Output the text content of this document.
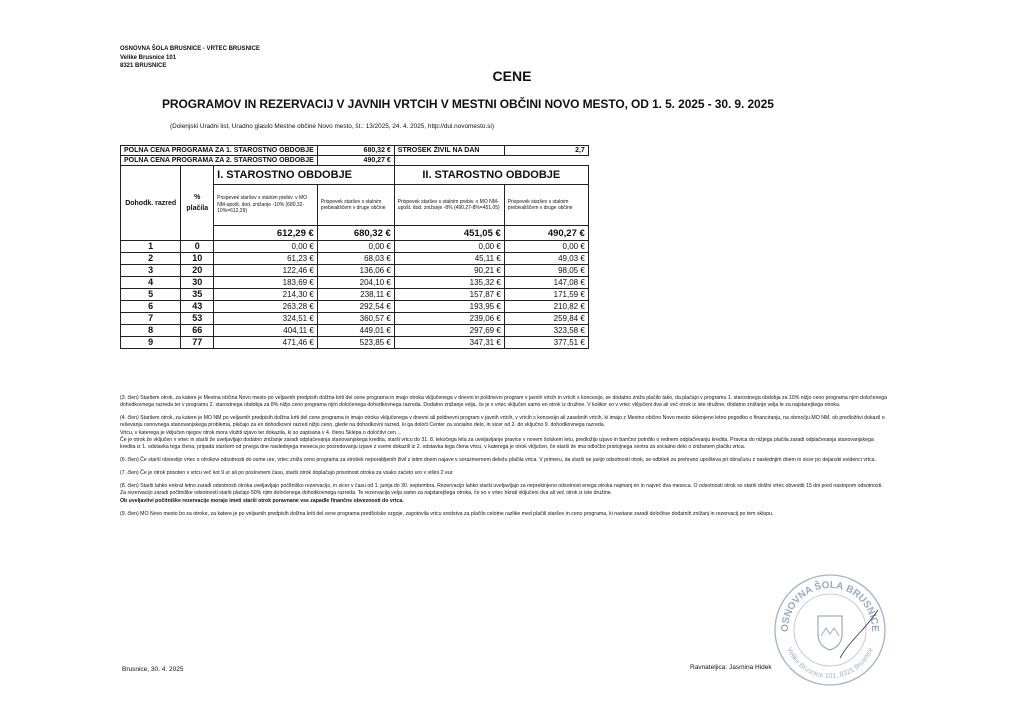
OSNOVNA ŠOLA BRUSNICE - VRTEC BRUSNICE
Velike Brusnice 101
8321 BRUSNICE
CENE
PROGRAMOV IN REZERVACIJ V JAVNIH VRTCIH V MESTNI OBČINI NOVO MESTO, OD 1. 5. 2025 - 30. 9. 2025
(Dolenjski Uradni list, Uradno glasilo Mestne občine Novo mesto, št.: 13/2025, 24. 4. 2025, http://dul.novomesto.si)
POLNA CENA PROGRAMA ZA 1. STAROSTNO OBDOBJE			680,32 €	STROŠEK ŽIVIL NA DAN	2,7
POLNA CENA PROGRAMA ZA 2. STAROSTNO OBDOBJE			490,27 €		
Dohodk. razred	% plačila	I. STAROSTNO OBDOBJE		II. STAROSTNO OBDOBJE	
		Prispevek staršev s stalnim prebiv. v MO NM-upošt. dod. znižanje -10% (680,32-10%=612,29)	Prispevek staršev s stalnim prebivališčem v druge občine	Prispevek staršev s stalnim prebiv. v MO NM-upošt. dod. znižanje -8% (490,27-8%=451,05)	Prispevek staršev s stalnim prebivališčem v druge občine
		612,29 €	680,32 €	451,05 €	490,27 €
1	0	0,00 €	0,00 €	0,00 €	0,00 €
2	10	61,23 €	68,03 €	45,11 €	49,03 €
3	20	122,46 €	136,06 €	90,21 €	98,05 €
4	30	183,69 €	204,10 €	135,32 €	147,08 €
5	35	214,30 €	238,11 €	157,87 €	171,59 €
6	43	263,28 €	292,54 €	193,95 €	210,82 €
7	53	324,51 €	360,57 €	239,06 €	259,84 €
8	66	404,11 €	449,01 €	297,69 €	323,58 €
9	77	471,46 €	523,85 €	347,31 €	377,51 €

(3. člen) Staršem otrok, za katere je Mestna občina Novo mesto po veljavnih predpisih dolžna kriti del cene programa in imajo otroka vključenega v dnevni in poldnevni program v javnih vrtcih in vrtcih s koncesijo, se dodatno zniža plačilo tako, da plačajo v programu 1. starostnega obdobja za 10% nižjo ceno programa njim določenega dohodkovnega razreda ter v programu 2. starostnega obdobja za 8% nižjo ceno programa njim določenega dohodkovnega razreda. Dodatno znižanje velja, če je v vrtec vključen samo en otrok iz družine. V kolikor so v vrtec vključeni dva ali več otrok iz iste družine, dodatno znižanje velja le za najstarejšega otroka.

(4. člen) Staršem otrok, za katere je MO NM po veljavnih predpisih dolžna kriti del cene programa in imajo otroka vključenega v dnevni ali poldnevni program v javnih vrtcih, v vrtcih s koncesijo ali zasebnih vrtcih, ki imajo z Mestno občino Novo mesto sklenjeno letno pogodbo o financiranju, na območju MO NM, ob predložitvi dokazil o reševanju osnovnega stanovanjskega problema, plačajo za en dohodkovni razred nižjo ceno, glede na dohodkovni razred, ki ga določi Center za socialno delo, in sicer od 2. do vključno 9. dohodkovnega razreda.
Vrtcu, v katerega je vključen njegov otrok mora vložiti izjavo ter dokazila, ki so zapisana v 4. členu Sklepa o določitvi cen ...
Če je otrok že vključen v vrtec in starši že uveljavljajo dodatno znižanje zaradi odplačevanja stanovanjskega kredita, starši vrtcu do 31. 8. tekočega leta za uveljavljanje pravice v novem šolskem letu, predložijo izjavo in bančno potrdilo o rednem odplačevanju kredita. Pravica do nižjega plačila zaradi odplačevanja stanovanjskega kredita iz 1. odstavka tega člena, pripada staršem od prvega dne naslednjega meseca po posredovanju izjave z vsemi dokazili iz 2. odstavka tega člena vrtcu, v katerega je otrok vključen, če starši že ima odločbo pristojnega centra za socialno delo o znižanem plačilu vrtca.

(6. člen) Če starši obvestijo vrtec o otrokovi odsotnosti do osme ure, vrtec zniža ceno programa za strošek neporabljenih živil z istim dnem najave v sorazmernem deležu plačila vrtca. V primeru, da starši ne javijo odsotnosti otrok, se odbitek za prehrano upošteva pri obračunu z naslednjim dnem in sicer po dejanski evidenci vrtca.

(7. člen) Če je otrok prisoten v vrtcu več kot 9 ur ali po poslovnem času, starši otrok doplačajo prisotnost otroka za vsako začeto uro v višini 2 eur.

(8. člen) Starši lahko enkrat letno zaradi odsotnosti otroka uveljavljajo počitniško rezervacijo, in sicer v času od 1. junija do 30. septembra. Rezervacijo lahko starši uveljavljajo za neprekinjeno odsotnost enega otroka najmanj en in največ dva meseca. O odsotnosti otrok so starši dolžni vrtec obvestiti 15 dni pred nastopom odsotnosti.
Za rezervacijo zaradi počitniške odsotnosti starši plačajo 50% njim določenega dohodkovnega razreda. Te rezervacija velja samo za najstarejšega otroka, če so v vrtec hkrati vključeni dva ali več otrok iz iste družine.
Ob uveljavitvi počitniške rezervacije morajo imeti starši otrok poravnane vse zapadle finančne obveznosti do vrtca.

(9. člen) MO Novo mesto bo za otroke, za katere je po veljavnih predpisih dolžna kriti del cene programa predšolske vzgoje, zagotovila vrtcu sredstva za plačilo celotne razlike med plačili staršev in ceno programa, ki nastane zaradi določitve dodatnih znižanj in rezervacij po tem sklepu.

Brusnice, 30. 4. 2025	Ravnateljica: Jasmina Hidek
OSNOVNA ŠOLA BRUSNICE
Velike Brusnice 101, 8321 Brusnice
